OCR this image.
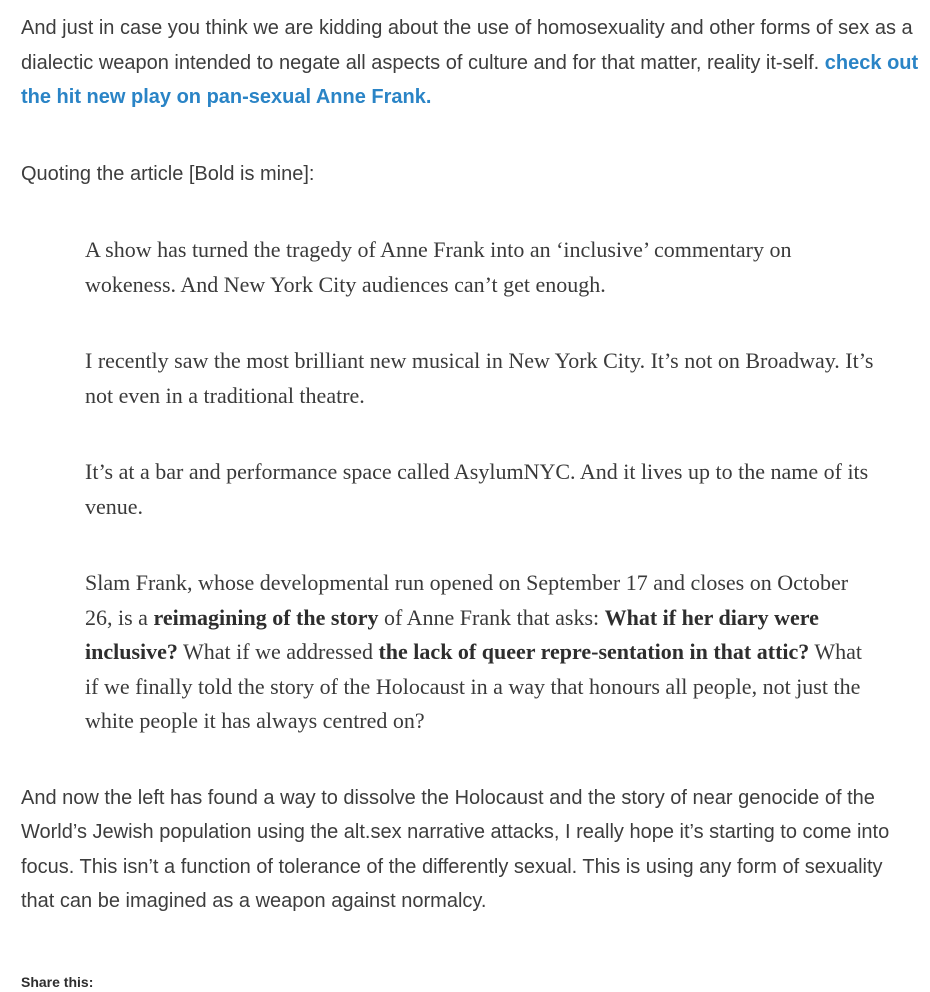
And just in case you think we are kidding about the use of homosexuality and other forms of sex as a dialectic weapon intended to negate all aspects of culture and for that matter, reality it-self. check out the hit new play on pan-sexual Anne Frank.

Quoting the article [Bold is mine]:

A show has turned the tragedy of Anne Frank into an ‘inclusive’ commentary on wokeness. And New York City audiences can’t get enough.

I recently saw the most brilliant new musical in New York City. It’s not on Broadway. It’s not even in a traditional theatre.

It’s at a bar and performance space called AsylumNYC. And it lives up to the name of its venue.

Slam Frank, whose developmental run opened on September 17 and closes on October 26, is a reimagining of the story of Anne Frank that asks: What if her diary were inclusive? What if we addressed the lack of queer repre-sentation in that attic? What if we finally told the story of the Holocaust in a way that honours all people, not just the white people it has always centred on?

And now the left has found a way to dissolve the Holocaust and the story of near genocide of the World’s Jewish population using the alt.sex narrative attacks, I really hope it’s starting to come into focus. This isn’t a function of tolerance of the differently sexual. This is using any form of sexuality that can be imagined as a weapon against normalcy.

Share this:
